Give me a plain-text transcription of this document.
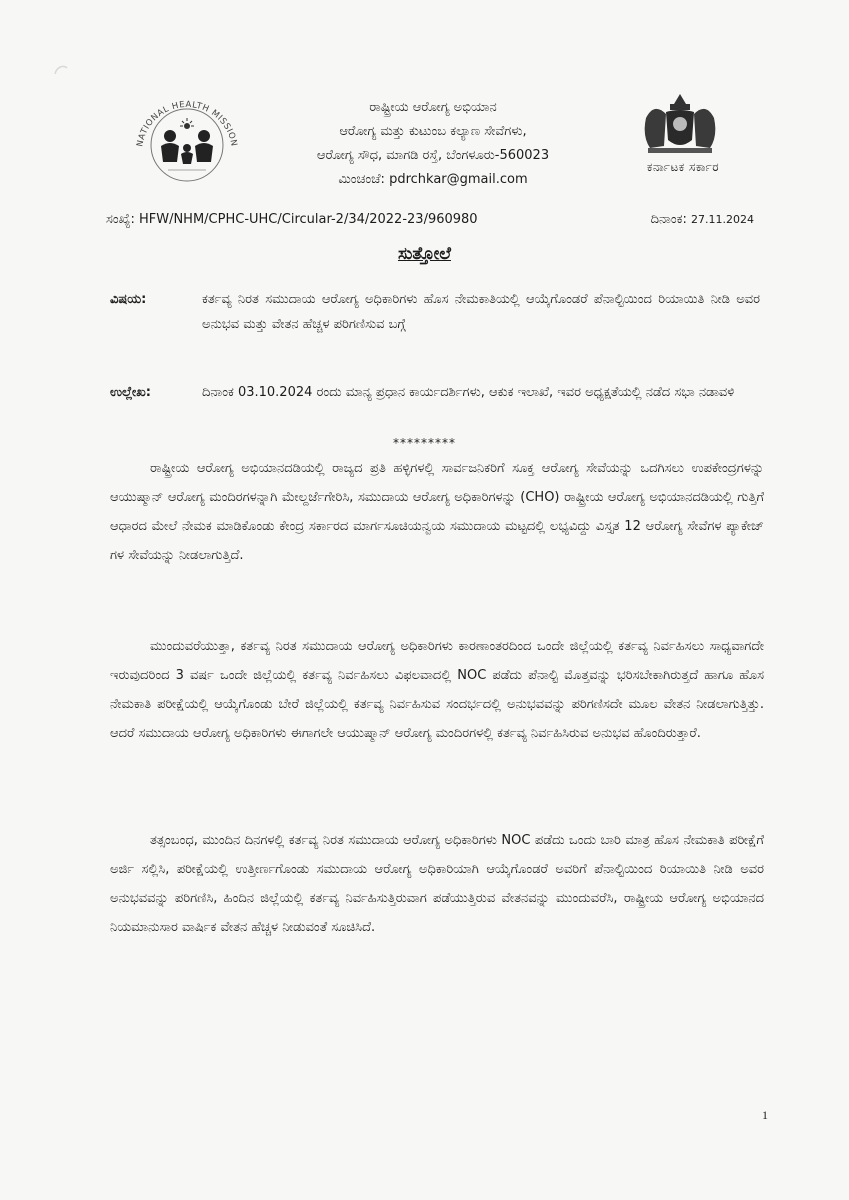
NATIONAL HEALTH MISSION
ರಾಷ್ಟ್ರೀಯ ಆರೋಗ್ಯ ಅಭಿಯಾನ
ಆರೋಗ್ಯ ಮತ್ತು ಕುಟುಂಬ ಕಲ್ಯಾಣ ಸೇವೆಗಳು,
ಆರೋಗ್ಯ ಸೌಧ, ಮಾಗಡಿ ರಸ್ತೆ, ಬೆಂಗಳೂರು-560023
ಮಿಂಚಂಚೆ: pdrchkar@gmail.com
ಕರ್ನಾಟಕ ಸರ್ಕಾರ
ಸಂಖ್ಯೆ: HFW/NHM/CPHC-UHC/Circular-2/34/2022-23/960980	ದಿನಾಂಕ: 27.11.2024
ಸುತ್ತೋಲೆ
ವಿಷಯ:	ಕರ್ತವ್ಯ ನಿರತ ಸಮುದಾಯ ಆರೋಗ್ಯ ಅಧಿಕಾರಿಗಳು ಹೊಸ ನೇಮಕಾತಿಯಲ್ಲಿ ಆಯ್ಕೆಗೊಂಡರೆ ಪೆನಾಲ್ಟಿಯಿಂದ ರಿಯಾಯಿತಿ ನೀಡಿ ಅವರ ಅನುಭವ ಮತ್ತು ವೇತನ ಹೆಚ್ಚಳ ಪರಿಗಣಿಸುವ ಬಗ್ಗೆ
ಉಲ್ಲೇಖ:	ದಿನಾಂಕ 03.10.2024 ರಂದು ಮಾನ್ಯ ಪ್ರಧಾನ ಕಾರ್ಯದರ್ಶಿಗಳು, ಆಕುಕ ಇಲಾಖೆ, ಇವರ ಅಧ್ಯಕ್ಷತೆಯಲ್ಲಿ ನಡೆದ ಸಭಾ ನಡಾವಳಿ
*********
ರಾಷ್ಟ್ರೀಯ ಆರೋಗ್ಯ ಅಭಿಯಾನದಡಿಯಲ್ಲಿ ರಾಜ್ಯದ ಪ್ರತಿ ಹಳ್ಳಿಗಳಲ್ಲಿ ಸಾರ್ವಜನಿಕರಿಗೆ ಸೂಕ್ತ ಆರೋಗ್ಯ ಸೇವೆಯನ್ನು ಒದಗಿಸಲು ಉಪಕೇಂದ್ರಗಳನ್ನು ಆಯುಷ್ಮಾನ್ ಆರೋಗ್ಯ ಮಂದಿರಗಳನ್ನಾಗಿ ಮೇಲ್ದರ್ಜೆಗೇರಿಸಿ, ಸಮುದಾಯ ಆರೋಗ್ಯ ಅಧಿಕಾರಿಗಳನ್ನು (CHO) ರಾಷ್ಟ್ರೀಯ ಆರೋಗ್ಯ ಅಭಿಯಾನದಡಿಯಲ್ಲಿ ಗುತ್ತಿಗೆ ಆಧಾರದ ಮೇಲೆ ನೇಮಕ ಮಾಡಿಕೊಂಡು ಕೇಂದ್ರ ಸರ್ಕಾರದ ಮಾರ್ಗಸೂಚಿಯನ್ವಯ ಸಮುದಾಯ ಮಟ್ಟದಲ್ಲಿ ಲಭ್ಯವಿದ್ದು ವಿಸ್ತೃತ 12 ಆರೋಗ್ಯ ಸೇವೆಗಳ ಪ್ಯಾಕೇಜ್ ಗಳ ಸೇವೆಯನ್ನು ನೀಡಲಾಗುತ್ತಿದೆ.
ಮುಂದುವರೆಯುತ್ತಾ, ಕರ್ತವ್ಯ ನಿರತ ಸಮುದಾಯ ಆರೋಗ್ಯ ಅಧಿಕಾರಿಗಳು ಕಾರಣಾಂತರದಿಂದ ಒಂದೇ ಜಿಲ್ಲೆಯಲ್ಲಿ ಕರ್ತವ್ಯ ನಿರ್ವಹಿಸಲು ಸಾಧ್ಯವಾಗದೇ ಇರುವುದರಿಂದ 3 ವರ್ಷ ಒಂದೇ ಜಿಲ್ಲೆಯಲ್ಲಿ ಕರ್ತವ್ಯ ನಿರ್ವಹಿಸಲು ವಿಫಲವಾದಲ್ಲಿ NOC ಪಡೆದು ಪೆನಾಲ್ಟಿ ಮೊತ್ತವನ್ನು ಭರಿಸಬೇಕಾಗಿರುತ್ತದೆ ಹಾಗೂ ಹೊಸ ನೇಮಕಾತಿ ಪರೀಕ್ಷೆಯಲ್ಲಿ ಆಯ್ಕೆಗೊಂಡು ಬೇರೆ ಜಿಲ್ಲೆಯಲ್ಲಿ ಕರ್ತವ್ಯ ನಿರ್ವಹಿಸುವ ಸಂದರ್ಭದಲ್ಲಿ ಅನುಭವವನ್ನು ಪರಿಗಣಿಸದೇ ಮೂಲ ವೇತನ ನೀಡಲಾಗುತ್ತಿತ್ತು. ಆದರೆ ಸಮುದಾಯ ಆರೋಗ್ಯ ಅಧಿಕಾರಿಗಳು ಈಗಾಗಲೇ ಆಯುಷ್ಮಾನ್ ಆರೋಗ್ಯ ಮಂದಿರಗಳಲ್ಲಿ ಕರ್ತವ್ಯ ನಿರ್ವಹಿಸಿರುವ ಅನುಭವ ಹೊಂದಿರುತ್ತಾರೆ.
ತತ್ಸಂಬಂಧ, ಮುಂದಿನ ದಿನಗಳಲ್ಲಿ ಕರ್ತವ್ಯ ನಿರತ ಸಮುದಾಯ ಆರೋಗ್ಯ ಅಧಿಕಾರಿಗಳು NOC ಪಡೆದು ಒಂದು ಬಾರಿ ಮಾತ್ರ ಹೊಸ ನೇಮಕಾತಿ ಪರೀಕ್ಷೆಗೆ ಅರ್ಜಿ ಸಲ್ಲಿಸಿ, ಪರೀಕ್ಷೆಯಲ್ಲಿ ಉತ್ತೀರ್ಣಗೊಂಡು ಸಮುದಾಯ ಆರೋಗ್ಯ ಅಧಿಕಾರಿಯಾಗಿ ಆಯ್ಕೆಗೊಂಡರೆ ಅವರಿಗೆ ಪೆನಾಲ್ಟಿಯಿಂದ ರಿಯಾಯಿತಿ ನೀಡಿ ಅವರ ಅನುಭವವನ್ನು ಪರಿಗಣಿಸಿ, ಹಿಂದಿನ ಜಿಲ್ಲೆಯಲ್ಲಿ ಕರ್ತವ್ಯ ನಿರ್ವಹಿಸುತ್ತಿರುವಾಗ ಪಡೆಯುತ್ತಿರುವ ವೇತನವನ್ನು ಮುಂದುವರೆಸಿ, ರಾಷ್ಟ್ರೀಯ ಆರೋಗ್ಯ ಅಭಿಯಾನದ ನಿಯಮಾನುಸಾರ ವಾರ್ಷಿಕ ವೇತನ ಹೆಚ್ಚಳ ನೀಡುವಂತೆ ಸೂಚಿಸಿದೆ.
1
